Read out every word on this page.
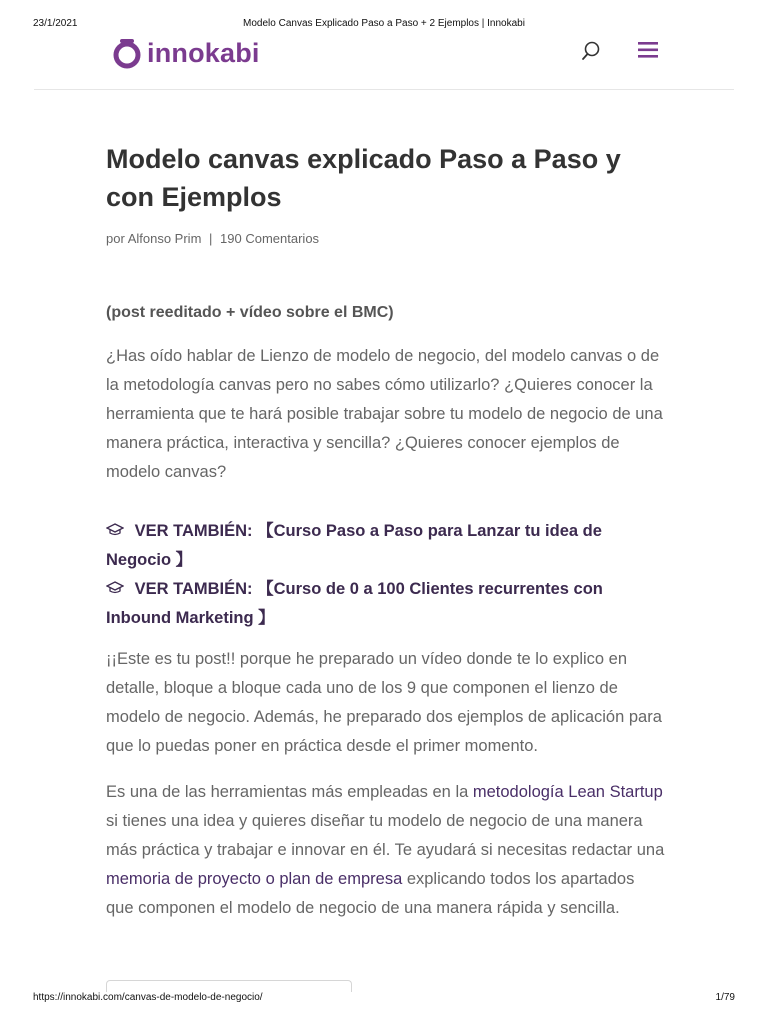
23/1/2021	Modelo Canvas Explicado Paso a Paso + 2 Ejemplos | Innokabi
innokabi
Modelo canvas explicado Paso a Paso y con Ejemplos
por Alfonso Prim | 190 Comentarios
(post reeditado + vídeo sobre el BMC)

¿Has oído hablar de Lienzo de modelo de negocio, del modelo canvas o de la metodología canvas pero no sabes cómo utilizarlo? ¿Quieres conocer la herramienta que te hará posible trabajar sobre tu modelo de negocio de una manera práctica, interactiva y sencilla? ¿Quieres conocer ejemplos de modelo canvas?

VER TAMBIÉN: 【Curso Paso a Paso para Lanzar tu idea de Negocio 】
VER TAMBIÉN: 【Curso de 0 a 100 Clientes recurrentes con Inbound Marketing 】

¡¡Este es tu post!! porque he preparado un vídeo donde te lo explico en detalle, bloque a bloque cada uno de los 9 que componen el lienzo de modelo de negocio. Además, he preparado dos ejemplos de aplicación para que lo puedas poner en práctica desde el primer momento.

Es una de las herramientas más empleadas en la metodología Lean Startup si tienes una idea y quieres diseñar tu modelo de negocio de una manera más práctica y trabajar e innovar en él. Te ayudará si necesitas redactar una memoria de proyecto o plan de empresa explicando todos los apartados que componen el modelo de negocio de una manera rápida y sencilla.

https://innokabi.com/canvas-de-modelo-de-negocio/	1/79
